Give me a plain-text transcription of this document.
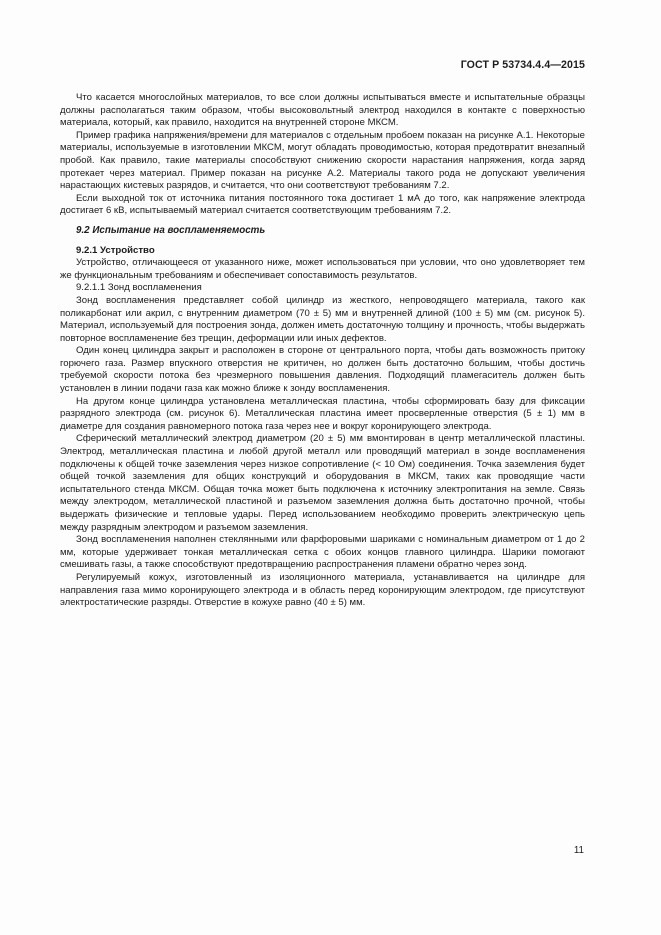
ГОСТ Р 53734.4.4—2015

Что касается многослойных материалов, то все слои должны испытываться вместе и испытательные образцы должны располагаться таким образом, чтобы высоковольтный электрод находился в контакте с поверхностью материала, который, как правило, находится на внутренней стороне МКСМ.

Пример графика напряжения/времени для материалов с отдельным пробоем показан на рисунке А.1. Некоторые материалы, используемые в изготовлении МКСМ, могут обладать проводимостью, которая предотвратит внезапный пробой. Как правило, такие материалы способствуют снижению скорости нарастания напряжения, когда заряд протекает через материал. Пример показан на рисунке А.2. Материалы такого рода не допускают увеличения нарастающих кистевых разрядов, и считается, что они соответствуют требованиям 7.2.

Если выходной ток от источника питания постоянного тока достигает 1 мА до того, как напряжение электрода достигает 6 кВ, испытываемый материал считается соответствующим требованиям 7.2.

9.2 Испытание на воспламеняемость
9.2.1 Устройство

Устройство, отличающееся от указанного ниже, может использоваться при условии, что оно удовлетворяет тем же функциональным требованиям и обеспечивает сопоставимость результатов.

9.2.1.1 Зонд воспламенения

Зонд воспламенения представляет собой цилиндр из жесткого, непроводящего материала, такого как поликарбонат или акрил, с внутренним диаметром (70 ± 5) мм и внутренней длиной (100 ± 5) мм (см. рисунок 5). Материал, используемый для построения зонда, должен иметь достаточную толщину и прочность, чтобы выдержать повторное воспламенение без трещин, деформации или иных дефектов.

Один конец цилиндра закрыт и расположен в стороне от центрального порта, чтобы дать возможность притоку горючего газа. Размер впускного отверстия не критичен, но должен быть достаточно большим, чтобы достичь требуемой скорости потока без чрезмерного повышения давления. Подходящий пламегаситель должен быть установлен в линии подачи газа как можно ближе к зонду воспламенения.

На другом конце цилиндра установлена металлическая пластина, чтобы сформировать базу для фиксации разрядного электрода (см. рисунок 6). Металлическая пластина имеет просверленные отверстия (5 ± 1) мм в диаметре для создания равномерного потока газа через нее и вокруг коронирующего электрода.

Сферический металлический электрод диаметром (20 ± 5) мм вмонтирован в центр металлической пластины. Электрод, металлическая пластина и любой другой металл или проводящий материал в зонде воспламенения подключены к общей точке заземления через низкое сопротивление (< 10 Ом) соединения. Точка заземления будет общей точкой заземления для общих конструкций и оборудования в МКСМ, таких как проводящие части испытательного стенда МКСМ. Общая точка может быть подключена к источнику электропитания на земле. Связь между электродом, металлической пластиной и разъемом заземления должна быть достаточно прочной, чтобы выдержать физические и тепловые удары. Перед использованием необходимо проверить электрическую цепь между разрядным электродом и разъемом заземления.

Зонд воспламенения наполнен стеклянными или фарфоровыми шариками с номинальным диаметром от 1 до 2 мм, которые удерживает тонкая металлическая сетка с обоих концов главного цилиндра. Шарики помогают смешивать газы, а также способствуют предотвращению распространения пламени обратно через зонд.

Регулируемый кожух, изготовленный из изоляционного материала, устанавливается на цилиндре для направления газа мимо коронирующего электрода и в область перед коронирующим электродом, где присутствуют электростатические разряды. Отверстие в кожухе равно (40 ± 5) мм.

11
